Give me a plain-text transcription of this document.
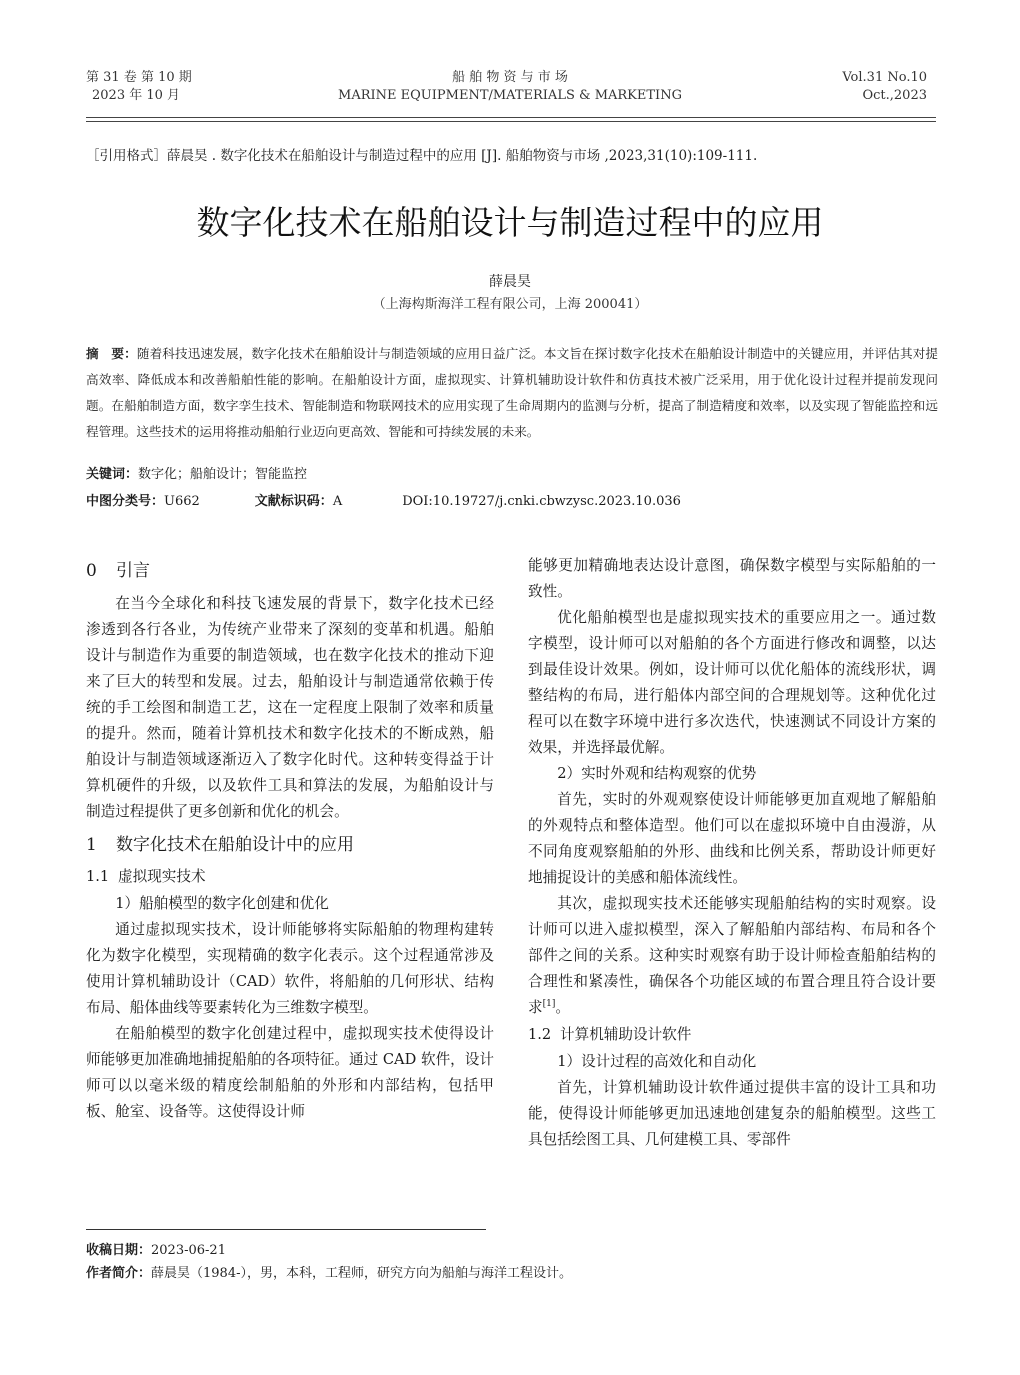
第 31 卷 第 10 期
2023 年 10 月
船 舶 物 资 与 市 场
MARINE EQUIPMENT/MATERIALS & MARKETING
Vol.31 No.10
Oct.,2023
［引用格式］薛晨昊 . 数字化技术在船舶设计与制造过程中的应用 [J]. 船舶物资与市场 ,2023,31(10):109-111.
数字化技术在船舶设计与制造过程中的应用
薛晨昊
（上海构斯海洋工程有限公司，上海 200041）
摘　要：随着科技迅速发展，数字化技术在船舶设计与制造领域的应用日益广泛。本文旨在探讨数字化技术在船舶设计制造中的关键应用，并评估其对提高效率、降低成本和改善船舶性能的影响。在船舶设计方面，虚拟现实、计算机辅助设计软件和仿真技术被广泛采用，用于优化设计过程并提前发现问题。在船舶制造方面，数字孪生技术、智能制造和物联网技术的应用实现了生命周期内的监测与分析，提高了制造精度和效率，以及实现了智能监控和远程管理。这些技术的运用将推动船舶行业迈向更高效、智能和可持续发展的未来。
关键词：数字化；船舶设计；智能监控
中图分类号：U662	文献标识码：A	DOI:10.19727/j.cnki.cbwzysc.2023.10.036
0 引言

在当今全球化和科技飞速发展的背景下，数字化技术已经渗透到各行各业，为传统产业带来了深刻的变革和机遇。船舶设计与制造作为重要的制造领域，也在数字化技术的推动下迎来了巨大的转型和发展。过去，船舶设计与制造通常依赖于传统的手工绘图和制造工艺，这在一定程度上限制了效率和质量的提升。然而，随着计算机技术和数字化技术的不断成熟，船舶设计与制造领域逐渐迈入了数字化时代。这种转变得益于计算机硬件的升级，以及软件工具和算法的发展，为船舶设计与制造过程提供了更多创新和优化的机会。

1 数字化技术在船舶设计中的应用
1.1 虚拟现实技术

1）船舶模型的数字化创建和优化

通过虚拟现实技术，设计师能够将实际船舶的物理构建转化为数字化模型，实现精确的数字化表示。这个过程通常涉及使用计算机辅助设计（CAD）软件，将船舶的几何形状、结构布局、船体曲线等要素转化为三维数字模型。

在船舶模型的数字化创建过程中，虚拟现实技术使得设计师能够更加准确地捕捉船舶的各项特征。通过 CAD 软件，设计师可以以毫米级的精度绘制船舶的外形和内部结构，包括甲板、舱室、设备等。这使得设计师

能够更加精确地表达设计意图，确保数字模型与实际船舶的一致性。

优化船舶模型也是虚拟现实技术的重要应用之一。通过数字模型，设计师可以对船舶的各个方面进行修改和调整，以达到最佳设计效果。例如，设计师可以优化船体的流线形状，调整结构的布局，进行船体内部空间的合理规划等。这种优化过程可以在数字环境中进行多次迭代，快速测试不同设计方案的效果，并选择最优解。

2）实时外观和结构观察的优势

首先，实时的外观观察使设计师能够更加直观地了解船舶的外观特点和整体造型。他们可以在虚拟环境中自由漫游，从不同角度观察船舶的外形、曲线和比例关系，帮助设计师更好地捕捉设计的美感和船体流线性。

其次，虚拟现实技术还能够实现船舶结构的实时观察。设计师可以进入虚拟模型，深入了解船舶内部结构、布局和各个部件之间的关系。这种实时观察有助于设计师检查船舶结构的合理性和紧凑性，确保各个功能区域的布置合理且符合设计要求[1]。

1.2 计算机辅助设计软件

1）设计过程的高效化和自动化

首先，计算机辅助设计软件通过提供丰富的设计工具和功能，使得设计师能够更加迅速地创建复杂的船舶模型。这些工具包括绘图工具、几何建模工具、零部件

收稿日期：2023-06-21
作者简介：薛晨昊（1984-），男，本科，工程师，研究方向为船舶与海洋工程设计。
